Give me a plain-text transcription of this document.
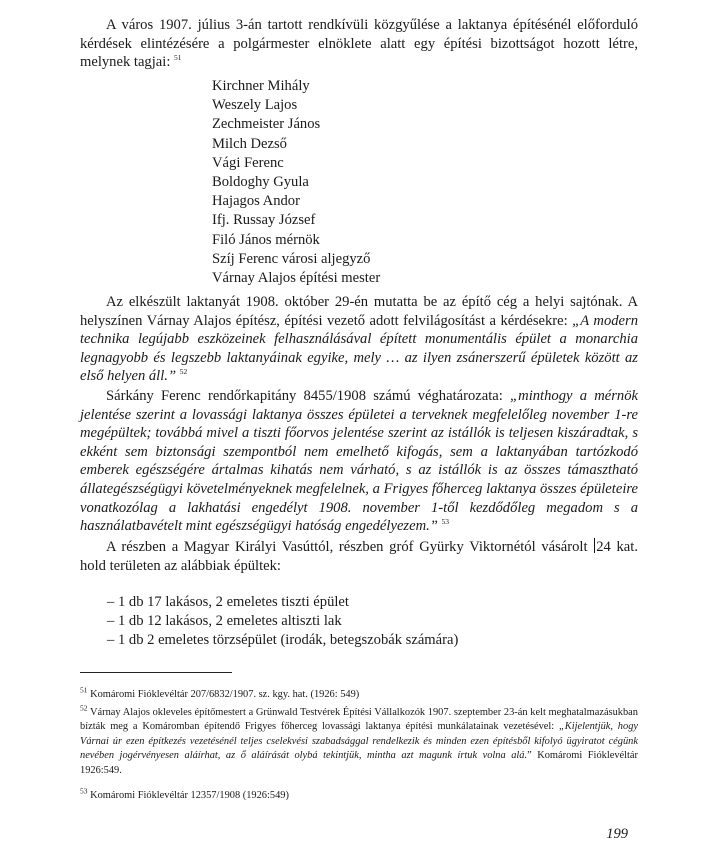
A város 1907. július 3-án tartott rendkívüli közgyűlése a laktanya építésénél előforduló kérdések elintézésére a polgármester elnöklete alatt egy építési bizottságot hozott létre, melynek tagjai: $^{51}$

Kirchner Mihály
Weszely Lajos
Zechmeister János
Milch Dezső
Vági Ferenc
Boldoghy Gyula
Hajagos Andor
Ifj. Russay József
Filó János mérnök
Szíj Ferenc városi aljegyző
Várnay Alajos építési mester

Az elkészült laktanyát 1908. október 29-én mutatta be az építő cég a helyi sajtónak. A helyszínen Várnay Alajos építész, építési vezető adott felvilágosítást a kérdésekre: „A modern technika legújabb eszközeinek felhasználásával épített monumentális épület a monarchia legnagyobb és legszebb laktanyáinak egyike, mely … az ilyen zsánerszerű épületek között az első helyen áll.” $^{52}$

Sárkány Ferenc rendőrkapitány 8455/1908 számú véghatározata: „minthogy a mérnök jelentése szerint a lovassági laktanya összes épületei a terveknek megfelelőleg november 1-re megépültek; továbbá mivel a tiszti főorvos jelentése szerint az istállók is teljesen kiszáradtak, s ekként sem biztonsági szempontból nem emelhető kifogás, sem a laktanyában tartózkodó emberek egészségére ártalmas kihatás nem várható, s az istállók is az összes támasztható állategészségügyi követelményeknek megfelelnek, a Frigyes főherceg laktanya összes épületeire vonatkozólag a lakhatási engedélyt 1908. november 1-től kezdődőleg megadom s a használatbavételt mint egészségügyi hatóság engedélyezem.” $^{53}$

A részben a Magyar Királyi Vasúttól, részben gróf Gyürky Viktornétól vásárolt 24 kat. hold területen az alábbiak épültek:

– 1 db 17 lakásos, 2 emeletes tiszti épület
– 1 db 12 lakásos, 2 emeletes altiszti lak
– 1 db 2 emeletes törzsépület (irodák, betegszobák számára)

$^{51}$ Komáromi Fióklevéltár 207/6832/1907. sz. kgy. hat. (1926: 549)

$^{52}$ Várnay Alajos okleveles építőmestert a Grünwald Testvérek Építési Vállalkozók 1907. szeptember 23-án kelt meghatalmazásukban bízták meg a Komáromban építendő Frigyes főherceg lovassági laktanya építési munkálatainak vezetésével: „Kijelentjük, hogy Várnai úr ezen építkezés vezetésénél teljes cselekvési szabadsággal rendelkezik és minden ezen építésből kifolyó ügyiratot cégünk nevében jogérvényesen aláírhat, az ő aláírását olybá tekintjük, mintha azt magunk írtuk volna alá.” Komáromi Fióklevéltár 1926:549.

$^{53}$ Komáromi Fióklevéltár 12357/1908 (1926:549)

199
